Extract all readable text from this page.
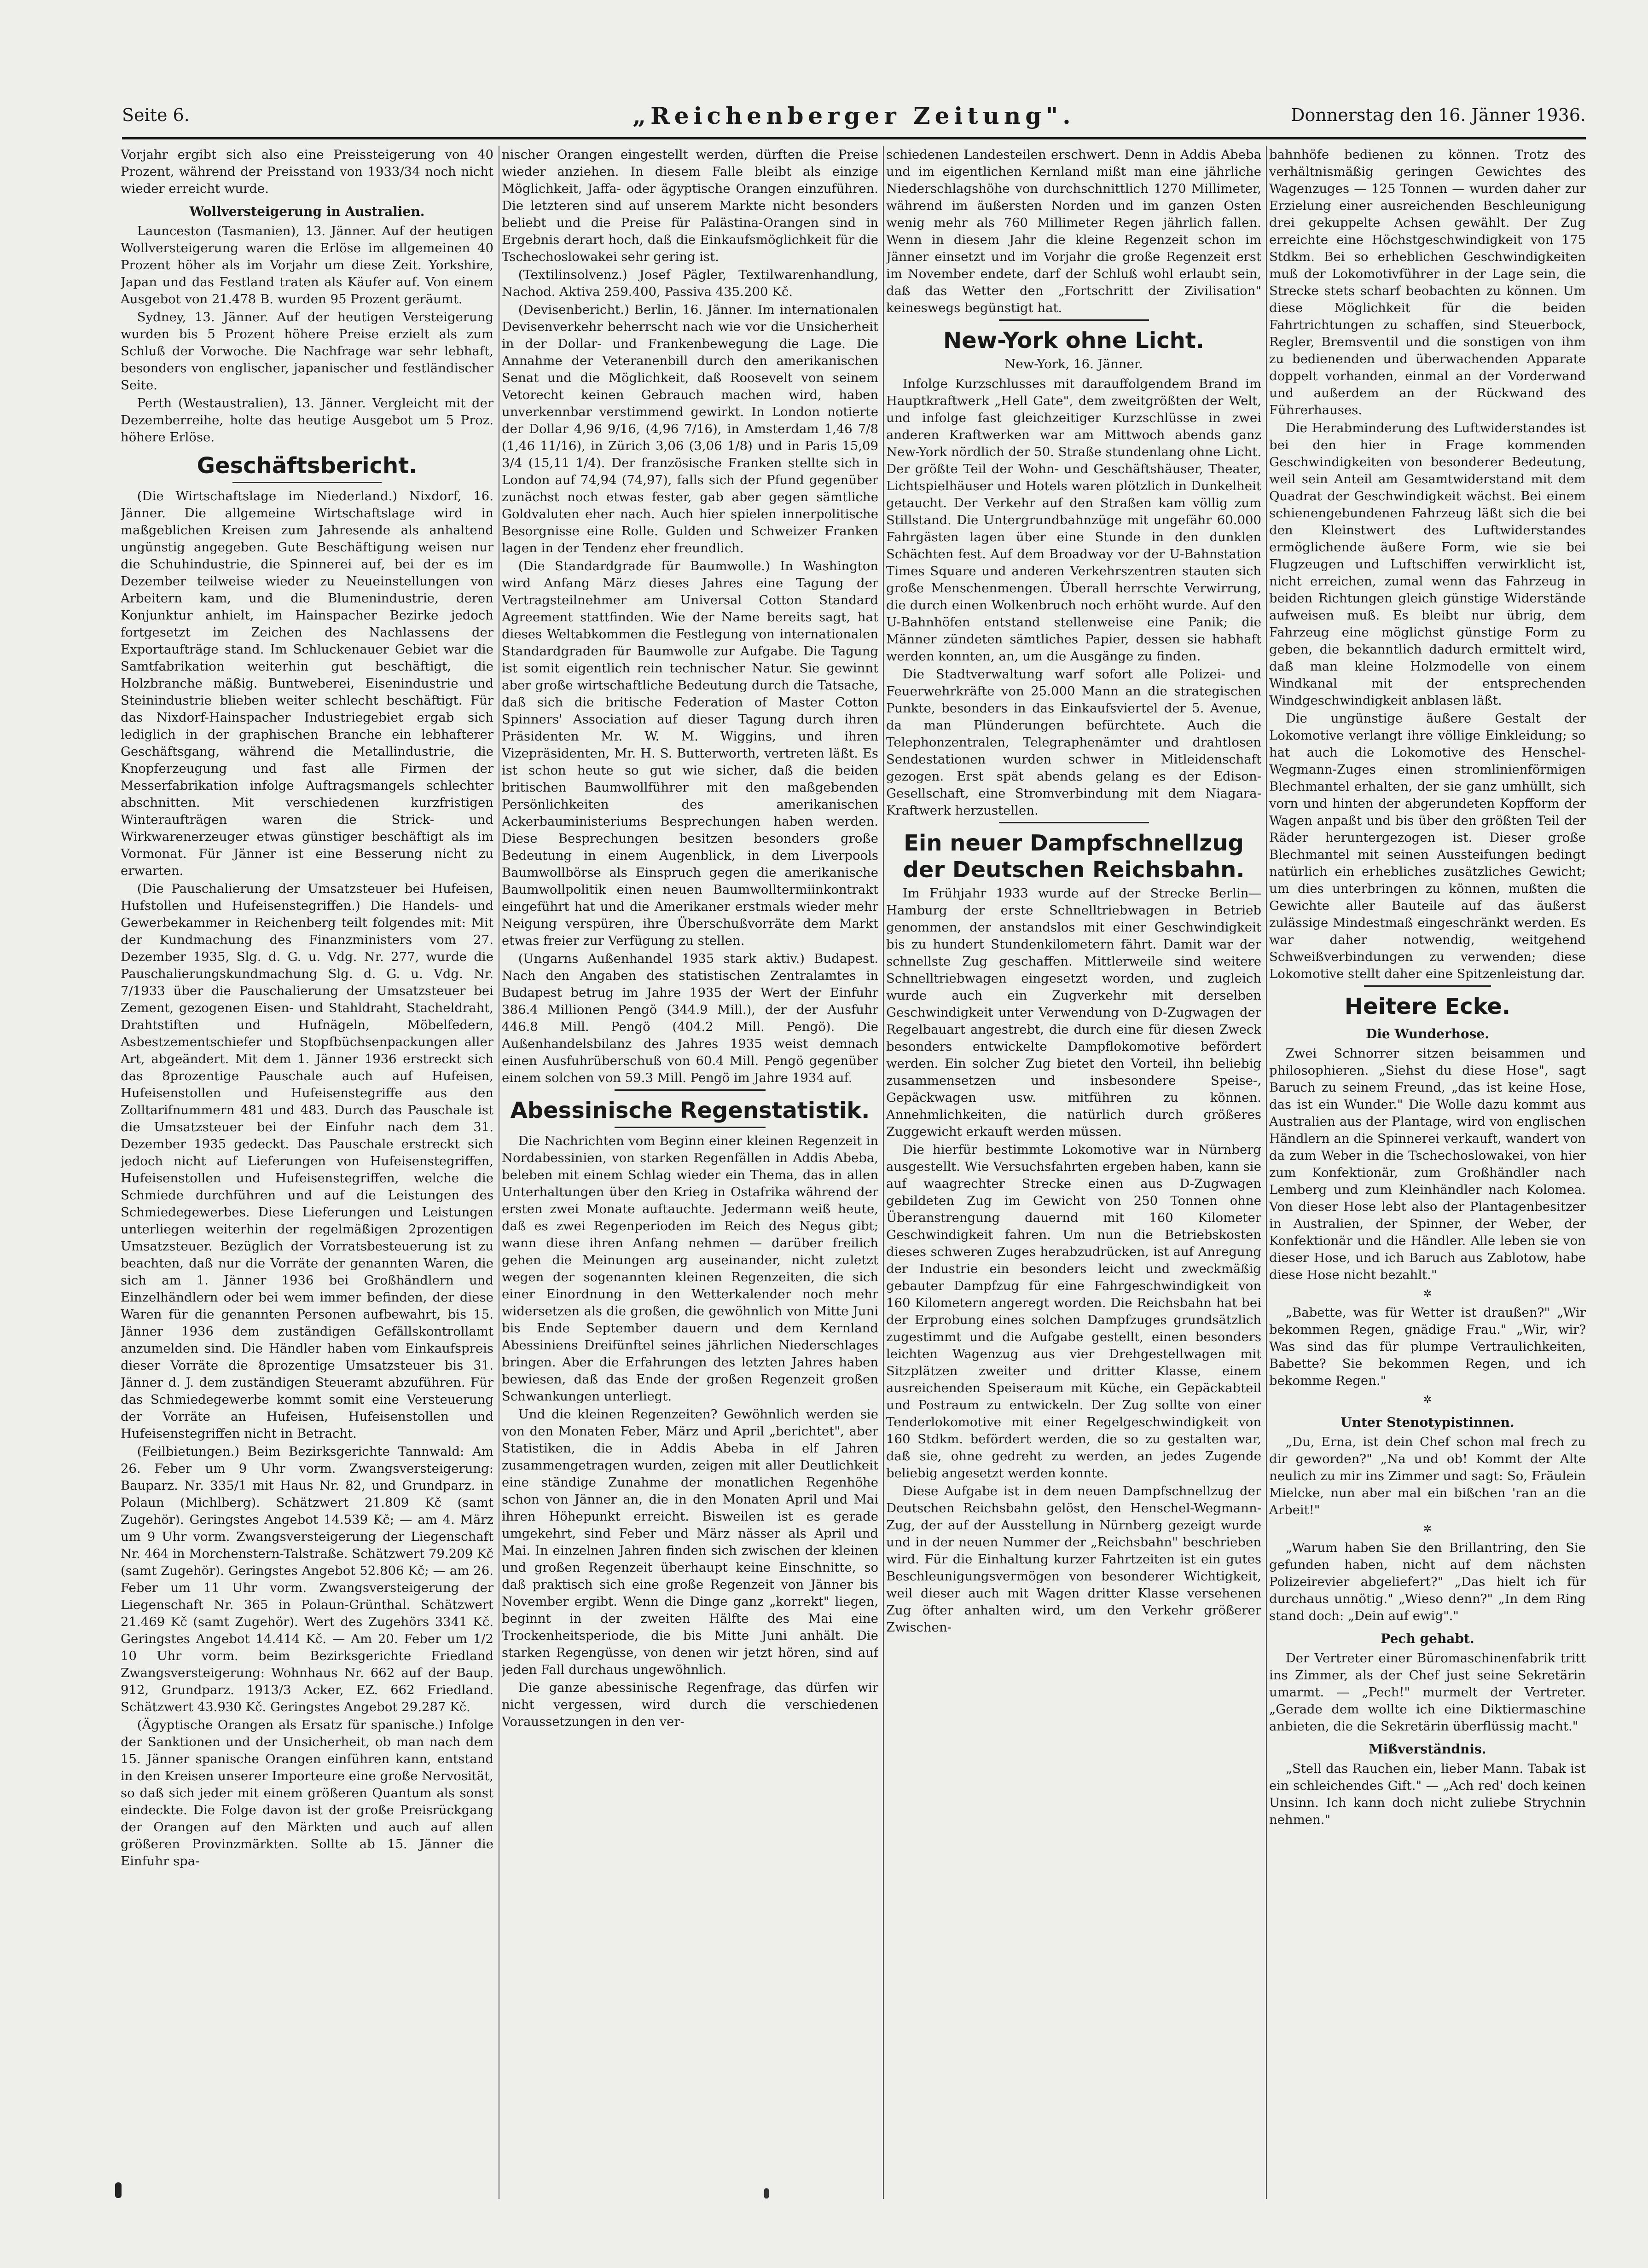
Seite 6.	„Reichenberger Zeitung".	Donnerstag den 16. Jänner 1936.

Vorjahr ergibt sich also eine Preissteigerung von 40 Prozent, während der Preisstand von 1933/34 noch nicht wieder erreicht wurde.

Wollversteigerung in Australien.

Launceston (Tasmanien), 13. Jänner. Auf der heutigen Wollversteigerung waren die Erlöse im allgemeinen 40 Prozent höher als im Vorjahr um diese Zeit. Yorkshire, Japan und das Festland traten als Käufer auf. Von einem Ausgebot von 21.478 B. wurden 95 Prozent geräumt.

Sydney, 13. Jänner. Auf der heutigen Versteigerung wurden bis 5 Prozent höhere Preise erzielt als zum Schluß der Vorwoche. Die Nachfrage war sehr lebhaft, besonders von englischer, japanischer und festländischer Seite.

Perth (Westaustralien), 13. Jänner. Vergleicht mit der Dezemberreihe, holte das heutige Ausgebot um 5 Proz. höhere Erlöse.

Geschäftsbericht.

(Die Wirtschaftslage im Niederland.) Nixdorf, 16. Jänner. Die allgemeine Wirtschaftslage wird in maßgeblichen Kreisen zum Jahresende als anhaltend ungünstig angegeben. Gute Beschäftigung weisen nur die Schuhindustrie, die Spinnerei auf, bei der es im Dezember teilweise wieder zu Neueinstellungen von Arbeitern kam, und die Blumenindustrie, deren Konjunktur anhielt, im Hainspacher Bezirke jedoch fortgesetzt im Zeichen des Nachlassens der Exportaufträge stand. Im Schluckenauer Gebiet war die Samtfabrikation weiterhin gut beschäftigt, die Holzbranche mäßig. Buntweberei, Eisenindustrie und Steinindustrie blieben weiter schlecht beschäftigt. Für das Nixdorf-Hainspacher Industriegebiet ergab sich lediglich in der graphischen Branche ein lebhafterer Geschäftsgang, während die Metallindustrie, die Knopferzeugung und fast alle Firmen der Messerfabrikation infolge Auftragsmangels schlechter abschnitten. Mit verschiedenen kurzfristigen Winteraufträgen waren die Strick- und Wirkwarenerzeuger etwas günstiger beschäftigt als im Vormonat. Für Jänner ist eine Besserung nicht zu erwarten.

(Die Pauschalierung der Umsatzsteuer bei Hufeisen, Hufstollen und Hufeisenstegriffen.) Die Handels- und Gewerbekammer in Reichenberg teilt folgendes mit: Mit der Kundmachung des Finanzministers vom 27. Dezember 1935, Slg. d. G. u. Vdg. Nr. 277, wurde die Pauschalierungskundmachung Slg. d. G. u. Vdg. Nr. 7/1933 über die Pauschalierung der Umsatzsteuer bei Zement, gezogenen Eisen- und Stahldraht, Stacheldraht, Drahtstiften und Hufnägeln, Möbelfedern, Asbestzementschiefer und Stopfbüchsenpackungen aller Art, abgeändert. Mit dem 1. Jänner 1936 erstreckt sich das 8prozentige Pauschale auch auf Hufeisen, Hufeisenstollen und Hufeisenstegriffe aus den Zolltarifnummern 481 und 483. Durch das Pauschale ist die Umsatzsteuer bei der Einfuhr nach dem 31. Dezember 1935 gedeckt. Das Pauschale erstreckt sich jedoch nicht auf Lieferungen von Hufeisenstegriffen, Hufeisenstollen und Hufeisenstegriffen, welche die Schmiede durchführen und auf die Leistungen des Schmiedegewerbes. Diese Lieferungen und Leistungen unterliegen weiterhin der regelmäßigen 2prozentigen Umsatzsteuer. Bezüglich der Vorratsbesteuerung ist zu beachten, daß nur die Vorräte der genannten Waren, die sich am 1. Jänner 1936 bei Großhändlern und Einzelhändlern oder bei wem immer befinden, der diese Waren für die genannten Personen aufbewahrt, bis 15. Jänner 1936 dem zuständigen Gefällskontrollamt anzumelden sind. Die Händler haben vom Einkaufspreis dieser Vorräte die 8prozentige Umsatzsteuer bis 31. Jänner d. J. dem zuständigen Steueramt abzuführen. Für das Schmiedegewerbe kommt somit eine Versteuerung der Vorräte an Hufeisen, Hufeisenstollen und Hufeisenstegriffen nicht in Betracht.

(Feilbietungen.) Beim Bezirksgerichte Tannwald: Am 26. Feber um 9 Uhr vorm. Zwangsversteigerung: Bauparz. Nr. 335/1 mit Haus Nr. 82, und Grundparz. in Polaun (Michlberg). Schätzwert 21.809 Kč (samt Zugehör). Geringstes Angebot 14.539 Kč; — am 4. März um 9 Uhr vorm. Zwangsversteigerung der Liegenschaft Nr. 464 in Morchenstern-Talstraße. Schätzwert 79.209 Kč (samt Zugehör). Geringstes Angebot 52.806 Kč; — am 26. Feber um 11 Uhr vorm. Zwangsversteigerung der Liegenschaft Nr. 365 in Polaun-Grünthal. Schätzwert 21.469 Kč (samt Zugehör). Wert des Zugehörs 3341 Kč. Geringstes Angebot 14.414 Kč. — Am 20. Feber um 1/2 10 Uhr vorm. beim Bezirksgerichte Friedland Zwangsversteigerung: Wohnhaus Nr. 662 auf der Baup. 912, Grundparz. 1913/3 Acker, EZ. 662 Friedland. Schätzwert 43.930 Kč. Geringstes Angebot 29.287 Kč.

(Ägyptische Orangen als Ersatz für spanische.) Infolge der Sanktionen und der Unsicherheit, ob man nach dem 15. Jänner spanische Orangen einführen kann, entstand in den Kreisen unserer Importeure eine große Nervosität, so daß sich jeder mit einem größeren Quantum als sonst eindeckte. Die Folge davon ist der große Preisrückgang der Orangen auf den Märkten und auch auf allen größeren Provinzmärkten. Sollte ab 15. Jänner die Einfuhr spa-

nischer Orangen eingestellt werden, dürften die Preise wieder anziehen. In diesem Falle bleibt als einzige Möglichkeit, Jaffa- oder ägyptische Orangen einzuführen. Die letzteren sind auf unserem Markte nicht besonders beliebt und die Preise für Palästina-Orangen sind in Ergebnis derart hoch, daß die Einkaufsmöglichkeit für die Tschechoslowakei sehr gering ist.

(Textilinsolvenz.) Josef Pägler, Textilwarenhandlung, Nachod. Aktiva 259.400, Passiva 435.200 Kč.

(Devisenbericht.) Berlin, 16. Jänner. Im internationalen Devisenverkehr beherrscht nach wie vor die Unsicherheit in der Dollar- und Frankenbewegung die Lage. Die Annahme der Veteranenbill durch den amerikanischen Senat und die Möglichkeit, daß Roosevelt von seinem Vetorecht keinen Gebrauch machen wird, haben unverkennbar verstimmend gewirkt. In London notierte der Dollar 4,96 9/16, (4,96 7/16), in Amsterdam 1,46 7/8 (1,46 11/16), in Zürich 3,06 (3,06 1/8) und in Paris 15,09 3/4 (15,11 1/4). Der französische Franken stellte sich in London auf 74,94 (74,97), falls sich der Pfund gegenüber zunächst noch etwas fester, gab aber gegen sämtliche Goldvaluten eher nach. Auch hier spielen innerpolitische Besorgnisse eine Rolle. Gulden und Schweizer Franken lagen in der Tendenz eher freundlich.

(Die Standardgrade für Baumwolle.) In Washington wird Anfang März dieses Jahres eine Tagung der Vertragsteilnehmer am Universal Cotton Standard Agreement stattfinden. Wie der Name bereits sagt, hat dieses Weltabkommen die Festlegung von internationalen Standardgraden für Baumwolle zur Aufgabe. Die Tagung ist somit eigentlich rein technischer Natur. Sie gewinnt aber große wirtschaftliche Bedeutung durch die Tatsache, daß sich die britische Federation of Master Cotton Spinners' Association auf dieser Tagung durch ihren Präsidenten Mr. W. M. Wiggins, und ihren Vizepräsidenten, Mr. H. S. Butterworth, vertreten läßt. Es ist schon heute so gut wie sicher, daß die beiden britischen Baumwollführer mit den maßgebenden Persönlichkeiten des amerikanischen Ackerbauministeriums Besprechungen haben werden. Diese Besprechungen besitzen besonders große Bedeutung in einem Augenblick, in dem Liverpools Baumwollbörse als Einspruch gegen die amerikanische Baumwollpolitik einen neuen Baumwolltermiinkontrakt eingeführt hat und die Amerikaner erstmals wieder mehr Neigung verspüren, ihre Überschußvorräte dem Markt etwas freier zur Verfügung zu stellen.

(Ungarns Außenhandel 1935 stark aktiv.) Budapest. Nach den Angaben des statistischen Zentralamtes in Budapest betrug im Jahre 1935 der Wert der Einfuhr 386.4 Millionen Pengö (344.9 Mill.), der der Ausfuhr 446.8 Mill. Pengö (404.2 Mill. Pengö). Die Außenhandelsbilanz des Jahres 1935 weist demnach einen Ausfuhrüberschuß von 60.4 Mill. Pengö gegenüber einem solchen von 59.3 Mill. Pengö im Jahre 1934 auf.

Abessinische Regenstatistik.

Die Nachrichten vom Beginn einer kleinen Regenzeit in Nordabessinien, von starken Regenfällen in Addis Abeba, beleben mit einem Schlag wieder ein Thema, das in allen Unterhaltungen über den Krieg in Ostafrika während der ersten zwei Monate auftauchte. Jedermann weiß heute, daß es zwei Regenperioden im Reich des Negus gibt; wann diese ihren Anfang nehmen — darüber freilich gehen die Meinungen arg auseinander, nicht zuletzt wegen der sogenannten kleinen Regenzeiten, die sich einer Einordnung in den Wetterkalender noch mehr widersetzen als die großen, die gewöhnlich von Mitte Juni bis Ende September dauern und dem Kernland Abessiniens Dreifünftel seines jährlichen Niederschlages bringen. Aber die Erfahrungen des letzten Jahres haben bewiesen, daß das Ende der großen Regenzeit großen Schwankungen unterliegt.

Und die kleinen Regenzeiten? Gewöhnlich werden sie von den Monaten Feber, März und April „berichtet", aber Statistiken, die in Addis Abeba in elf Jahren zusammengetragen wurden, zeigen mit aller Deutlichkeit eine ständige Zunahme der monatlichen Regenhöhe schon von Jänner an, die in den Monaten April und Mai ihren Höhepunkt erreicht. Bisweilen ist es gerade umgekehrt, sind Feber und März nässer als April und Mai. In einzelnen Jahren finden sich zwischen der kleinen und großen Regenzeit überhaupt keine Einschnitte, so daß praktisch sich eine große Regenzeit von Jänner bis November ergibt. Wenn die Dinge ganz „korrekt" liegen, beginnt in der zweiten Hälfte des Mai eine Trockenheitsperiode, die bis Mitte Juni anhält. Die starken Regengüsse, von denen wir jetzt hören, sind auf jeden Fall durchaus ungewöhnlich.

Die ganze abessinische Regenfrage, das dürfen wir nicht vergessen, wird durch die verschiedenen Voraussetzungen in den ver-

schiedenen Landesteilen erschwert. Denn in Addis Abeba und im eigentlichen Kernland mißt man eine jährliche Niederschlagshöhe von durchschnittlich 1270 Millimeter, während im äußersten Norden und im ganzen Osten wenig mehr als 760 Millimeter Regen jährlich fallen. Wenn in diesem Jahr die kleine Regenzeit schon im Jänner einsetzt und im Vorjahr die große Regenzeit erst im November endete, darf der Schluß wohl erlaubt sein, daß das Wetter den „Fortschritt der Zivilisation" keineswegs begünstigt hat.

New-York ohne Licht.
New-York, 16. Jänner.

Infolge Kurzschlusses mit darauffolgendem Brand im Hauptkraftwerk „Hell Gate", dem zweitgrößten der Welt, und infolge fast gleichzeitiger Kurzschlüsse in zwei anderen Kraftwerken war am Mittwoch abends ganz New-York nördlich der 50. Straße stundenlang ohne Licht. Der größte Teil der Wohn- und Geschäftshäuser, Theater, Lichtspielhäuser und Hotels waren plötzlich in Dunkelheit getaucht. Der Verkehr auf den Straßen kam völlig zum Stillstand. Die Untergrundbahnzüge mit ungefähr 60.000 Fahrgästen lagen über eine Stunde in den dunklen Schächten fest. Auf dem Broadway vor der U-Bahnstation Times Square und anderen Verkehrszentren stauten sich große Menschenmengen. Überall herrschte Verwirrung, die durch einen Wolkenbruch noch erhöht wurde. Auf den U-Bahnhöfen entstand stellenweise eine Panik; die Männer zündeten sämtliches Papier, dessen sie habhaft werden konnten, an, um die Ausgänge zu finden.

Die Stadtverwaltung warf sofort alle Polizei- und Feuerwehrkräfte von 25.000 Mann an die strategischen Punkte, besonders in das Einkaufsviertel der 5. Avenue, da man Plünderungen befürchtete. Auch die Telephonzentralen, Telegraphenämter und drahtlosen Sendestationen wurden schwer in Mitleidenschaft gezogen. Erst spät abends gelang es der Edison-Gesellschaft, eine Stromverbindung mit dem Niagara-Kraftwerk herzustellen.

Ein neuer Dampfschnellzug der Deutschen Reichsbahn.

Im Frühjahr 1933 wurde auf der Strecke Berlin—Hamburg der erste Schnelltriebwagen in Betrieb genommen, der anstandslos mit einer Geschwindigkeit bis zu hundert Stundenkilometern fährt. Damit war der schnellste Zug geschaffen. Mittlerweile sind weitere Schnelltriebwagen eingesetzt worden, und zugleich wurde auch ein Zugverkehr mit derselben Geschwindigkeit unter Verwendung von D-Zugwagen der Regelbauart angestrebt, die durch eine für diesen Zweck besonders entwickelte Dampflokomotive befördert werden. Ein solcher Zug bietet den Vorteil, ihn beliebig zusammensetzen und insbesondere Speise-, Gepäckwagen usw. mitführen zu können. Annehmlichkeiten, die natürlich durch größeres Zuggewicht erkauft werden müssen.

Die hierfür bestimmte Lokomotive war in Nürnberg ausgestellt. Wie Versuchsfahrten ergeben haben, kann sie auf waagrechter Strecke einen aus D-Zugwagen gebildeten Zug im Gewicht von 250 Tonnen ohne Überanstrengung dauernd mit 160 Kilometer Geschwindigkeit fahren. Um nun die Betriebskosten dieses schweren Zuges herabzudrücken, ist auf Anregung der Industrie ein besonders leicht und zweckmäßig gebauter Dampfzug für eine Fahrgeschwindigkeit von 160 Kilometern angeregt worden. Die Reichsbahn hat bei der Erprobung eines solchen Dampfzuges grundsätzlich zugestimmt und die Aufgabe gestellt, einen besonders leichten Wagenzug aus vier Drehgestellwagen mit Sitzplätzen zweiter und dritter Klasse, einem ausreichenden Speiseraum mit Küche, ein Gepäckabteil und Postraum zu entwickeln. Der Zug sollte von einer Tenderlokomotive mit einer Regelgeschwindigkeit von 160 Stdkm. befördert werden, die so zu gestalten war, daß sie, ohne gedreht zu werden, an jedes Zugende beliebig angesetzt werden konnte.

Diese Aufgabe ist in dem neuen Dampfschnellzug der Deutschen Reichsbahn gelöst, den Henschel-Wegmann-Zug, der auf der Ausstellung in Nürnberg gezeigt wurde und in der neuen Nummer der „Reichsbahn" beschrieben wird. Für die Einhaltung kurzer Fahrtzeiten ist ein gutes Beschleunigungsvermögen von besonderer Wichtigkeit, weil dieser auch mit Wagen dritter Klasse versehenen Zug öfter anhalten wird, um den Verkehr größerer Zwischen-

bahnhöfe bedienen zu können. Trotz des verhältnismäßig geringen Gewichtes des Wagenzuges — 125 Tonnen — wurden daher zur Erzielung einer ausreichenden Beschleunigung drei gekuppelte Achsen gewählt. Der Zug erreichte eine Höchstgeschwindigkeit von 175 Stdkm. Bei so erheblichen Geschwindigkeiten muß der Lokomotivführer in der Lage sein, die Strecke stets scharf beobachten zu können. Um diese Möglichkeit für die beiden Fahrtrichtungen zu schaffen, sind Steuerbock, Regler, Bremsventil und die sonstigen von ihm zu bedienenden und überwachenden Apparate doppelt vorhanden, einmal an der Vorderwand und außerdem an der Rückwand des Führerhauses.

Die Herabminderung des Luftwiderstandes ist bei den hier in Frage kommenden Geschwindigkeiten von besonderer Bedeutung, weil sein Anteil am Gesamtwiderstand mit dem Quadrat der Geschwindigkeit wächst. Bei einem schienengebundenen Fahrzeug läßt sich die bei den Kleinstwert des Luftwiderstandes ermöglichende äußere Form, wie sie bei Flugzeugen und Luftschiffen verwirklicht ist, nicht erreichen, zumal wenn das Fahrzeug in beiden Richtungen gleich günstige Widerstände aufweisen muß. Es bleibt nur übrig, dem Fahrzeug eine möglichst günstige Form zu geben, die bekanntlich dadurch ermittelt wird, daß man kleine Holzmodelle von einem Windkanal mit der entsprechenden Windgeschwindigkeit anblasen läßt.

Die ungünstige äußere Gestalt der Lokomotive verlangt ihre völlige Einkleidung; so hat auch die Lokomotive des Henschel-Wegmann-Zuges einen stromlinienförmigen Blechmantel erhalten, der sie ganz umhüllt, sich vorn und hinten der abgerundeten Kopfform der Wagen anpaßt und bis über den größten Teil der Räder heruntergezogen ist. Dieser große Blechmantel mit seinen Aussteifungen bedingt natürlich ein erhebliches zusätzliches Gewicht; um dies unterbringen zu können, mußten die Gewichte aller Bauteile auf das äußerst zulässige Mindestmaß eingeschränkt werden. Es war daher notwendig, weitgehend Schweißverbindungen zu verwenden; diese Lokomotive stellt daher eine Spitzenleistung dar.

Heitere Ecke.
Die Wunderhose.

Zwei Schnorrer sitzen beisammen und philosophieren. „Siehst du diese Hose", sagt Baruch zu seinem Freund, „das ist keine Hose, das ist ein Wunder." Die Wolle dazu kommt aus Australien aus der Plantage, wird von englischen Händlern an die Spinnerei verkauft, wandert von da zum Weber in die Tschechoslowakei, von hier zum Konfektionär, zum Großhändler nach Lemberg und zum Kleinhändler nach Kolomea. Von dieser Hose lebt also der Plantagenbesitzer in Australien, der Spinner, der Weber, der Konfektionär und die Händler. Alle leben sie von dieser Hose, und ich Baruch aus Zablotow, habe diese Hose nicht bezahlt."

✲

„Babette, was für Wetter ist draußen?" „Wir bekommen Regen, gnädige Frau." „Wir, wir? Was sind das für plumpe Vertraulichkeiten, Babette? Sie bekommen Regen, und ich bekomme Regen."

✲
Unter Stenotypistinnen.

„Du, Erna, ist dein Chef schon mal frech zu dir geworden?" „Na und ob! Kommt der Alte neulich zu mir ins Zimmer und sagt: So, Fräulein Mielcke, nun aber mal ein bißchen 'ran an die Arbeit!"

✲

„Warum haben Sie den Brillantring, den Sie gefunden haben, nicht auf dem nächsten Polizeirevier abgeliefert?" „Das hielt ich für durchaus unnötig." „Wieso denn?" „In dem Ring stand doch: „Dein auf ewig"."

Pech gehabt.

Der Vertreter einer Büromaschinenfabrik tritt ins Zimmer, als der Chef just seine Sekretärin umarmt. — „Pech!" murmelt der Vertreter. „Gerade dem wollte ich eine Diktiermaschine anbieten, die die Sekretärin überflüssig macht."

Mißverständnis.

„Stell das Rauchen ein, lieber Mann. Tabak ist ein schleichendes Gift." — „Ach red' doch keinen Unsinn. Ich kann doch nicht zuliebe Strychnin nehmen."
